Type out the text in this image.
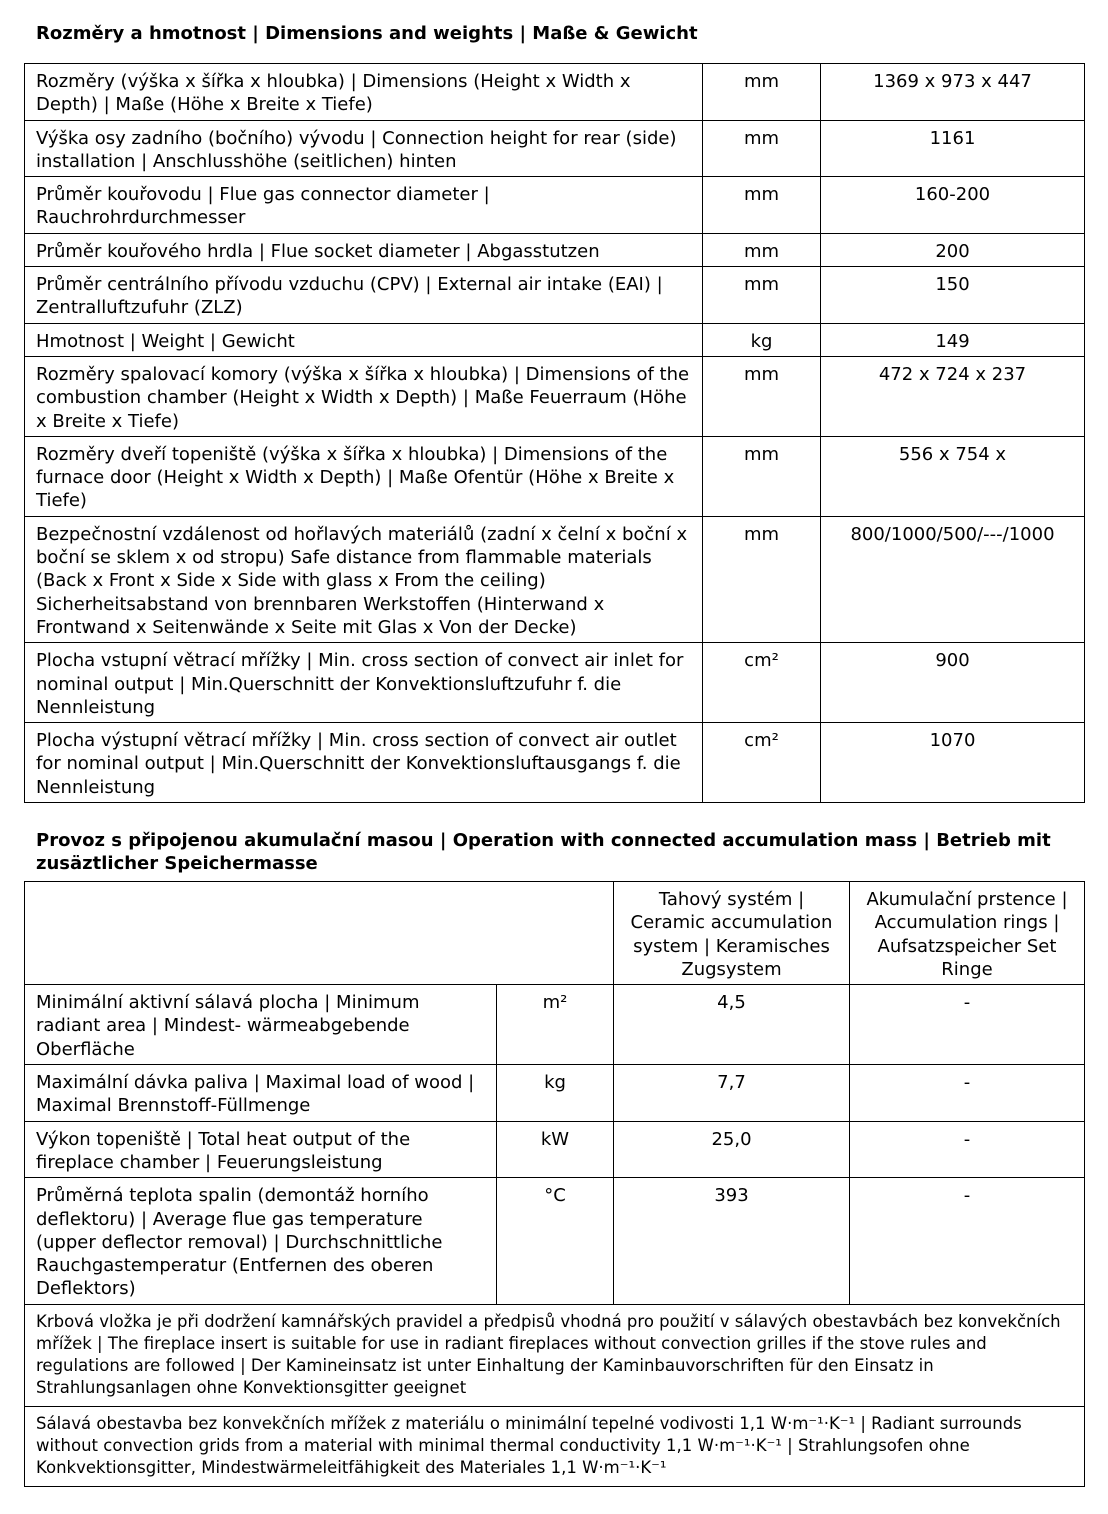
Rozměry a hmotnost | Dimensions and weights | Maße & Gewicht
Rozměry (výška x šířka x hloubka) | Dimensions (Height x Width x Depth) | Maße (Höhe x Breite x Tiefe)	mm	1369 x 973 x 447
Výška osy zadního (bočního) vývodu | Connection height for rear (side) installation | Anschlusshöhe (seitlichen) hinten	mm	1161
Průměr kouřovodu | Flue gas connector diameter | Rauchrohrdurchmesser	mm	160-200
Průměr kouřového hrdla | Flue socket diameter | Abgasstutzen	mm	200
Průměr centrálního přívodu vzduchu (CPV) | External air intake (EAI) | Zentralluftzufuhr (ZLZ)	mm	150
Hmotnost | Weight | Gewicht	kg	149
Rozměry spalovací komory (výška x šířka x hloubka) | Dimensions of the combustion chamber (Height x Width x Depth) | Maße Feuerraum (Höhe x Breite x Tiefe)	mm	472 x 724 x 237
Rozměry dveří topeniště (výška x šířka x hloubka) | Dimensions of the furnace door (Height x Width x Depth) | Maße Ofentür (Höhe x Breite x Tiefe)	mm	556 x 754 x
Bezpečnostní vzdálenost od hořlavých materiálů (zadní x čelní x boční x boční se sklem x od stropu) Safe distance from flammable materials (Back x Front x Side x Side with glass x From the ceiling) Sicherheitsabstand von brennbaren Werkstoffen (Hinterwand x Frontwand x Seitenwände x Seite mit Glas x Von der Decke)	mm	800/1000/500/---/1000
Plocha vstupní větrací mřížky | Min. cross section of convect air inlet for nominal output | Min.Querschnitt der Konvektionsluftzufuhr f. die Nennleistung	cm²	900
Plocha výstupní větrací mřížky | Min. cross section of convect air outlet for nominal output | Min.Querschnitt der Konvektionsluftausgangs f. die Nennleistung	cm²	1070
Provoz s připojenou akumulační masou | Operation with connected accumulation mass | Betrieb mit zusäztlicher Speichermasse
		Tahový systém | Ceramic accumulation system | Keramisches Zugsystem	Akumulační prstence | Accumulation rings | Aufsatzspeicher Set Ringe
Minimální aktivní sálavá plocha | Minimum radiant area | Mindest- wärmeabgebende Oberfläche	m²	4,5	-
Maximální dávka paliva | Maximal load of wood | Maximal Brennstoff-Füllmenge	kg	7,7	-
Výkon topeniště | Total heat output of the fireplace chamber | Feuerungsleistung	kW	25,0	-
Průměrná teplota spalin (demontáž horního deflektoru) | Average flue gas temperature (upper deflector removal) | Durchschnittliche Rauchgastemperatur (Entfernen des oberen Deflektors)	°C	393	-
Krbová vložka je při dodržení kamnářských pravidel a předpisů vhodná pro použití v sálavých obestavbách bez konvekčních mřížek | The fireplace insert is suitable for use in radiant fireplaces without convection grilles if the stove rules and regulations are followed | Der Kamineinsatz ist unter Einhaltung der Kaminbauvorschriften für den Einsatz in Strahlungsanlagen ohne Konvektionsgitter geeignet			
Sálavá obestavba bez konvekčních mřížek z materiálu o minimální tepelné vodivosti 1,1 W·m⁻¹·K⁻¹ | Radiant surrounds without convection grids from a material with minimal thermal conductivity 1,1 W·m⁻¹·K⁻¹ | Strahlungsofen ohne Konkvektionsgitter, Mindestwärmeleitfähigkeit des Materiales 1,1 W·m⁻¹·K⁻¹			
